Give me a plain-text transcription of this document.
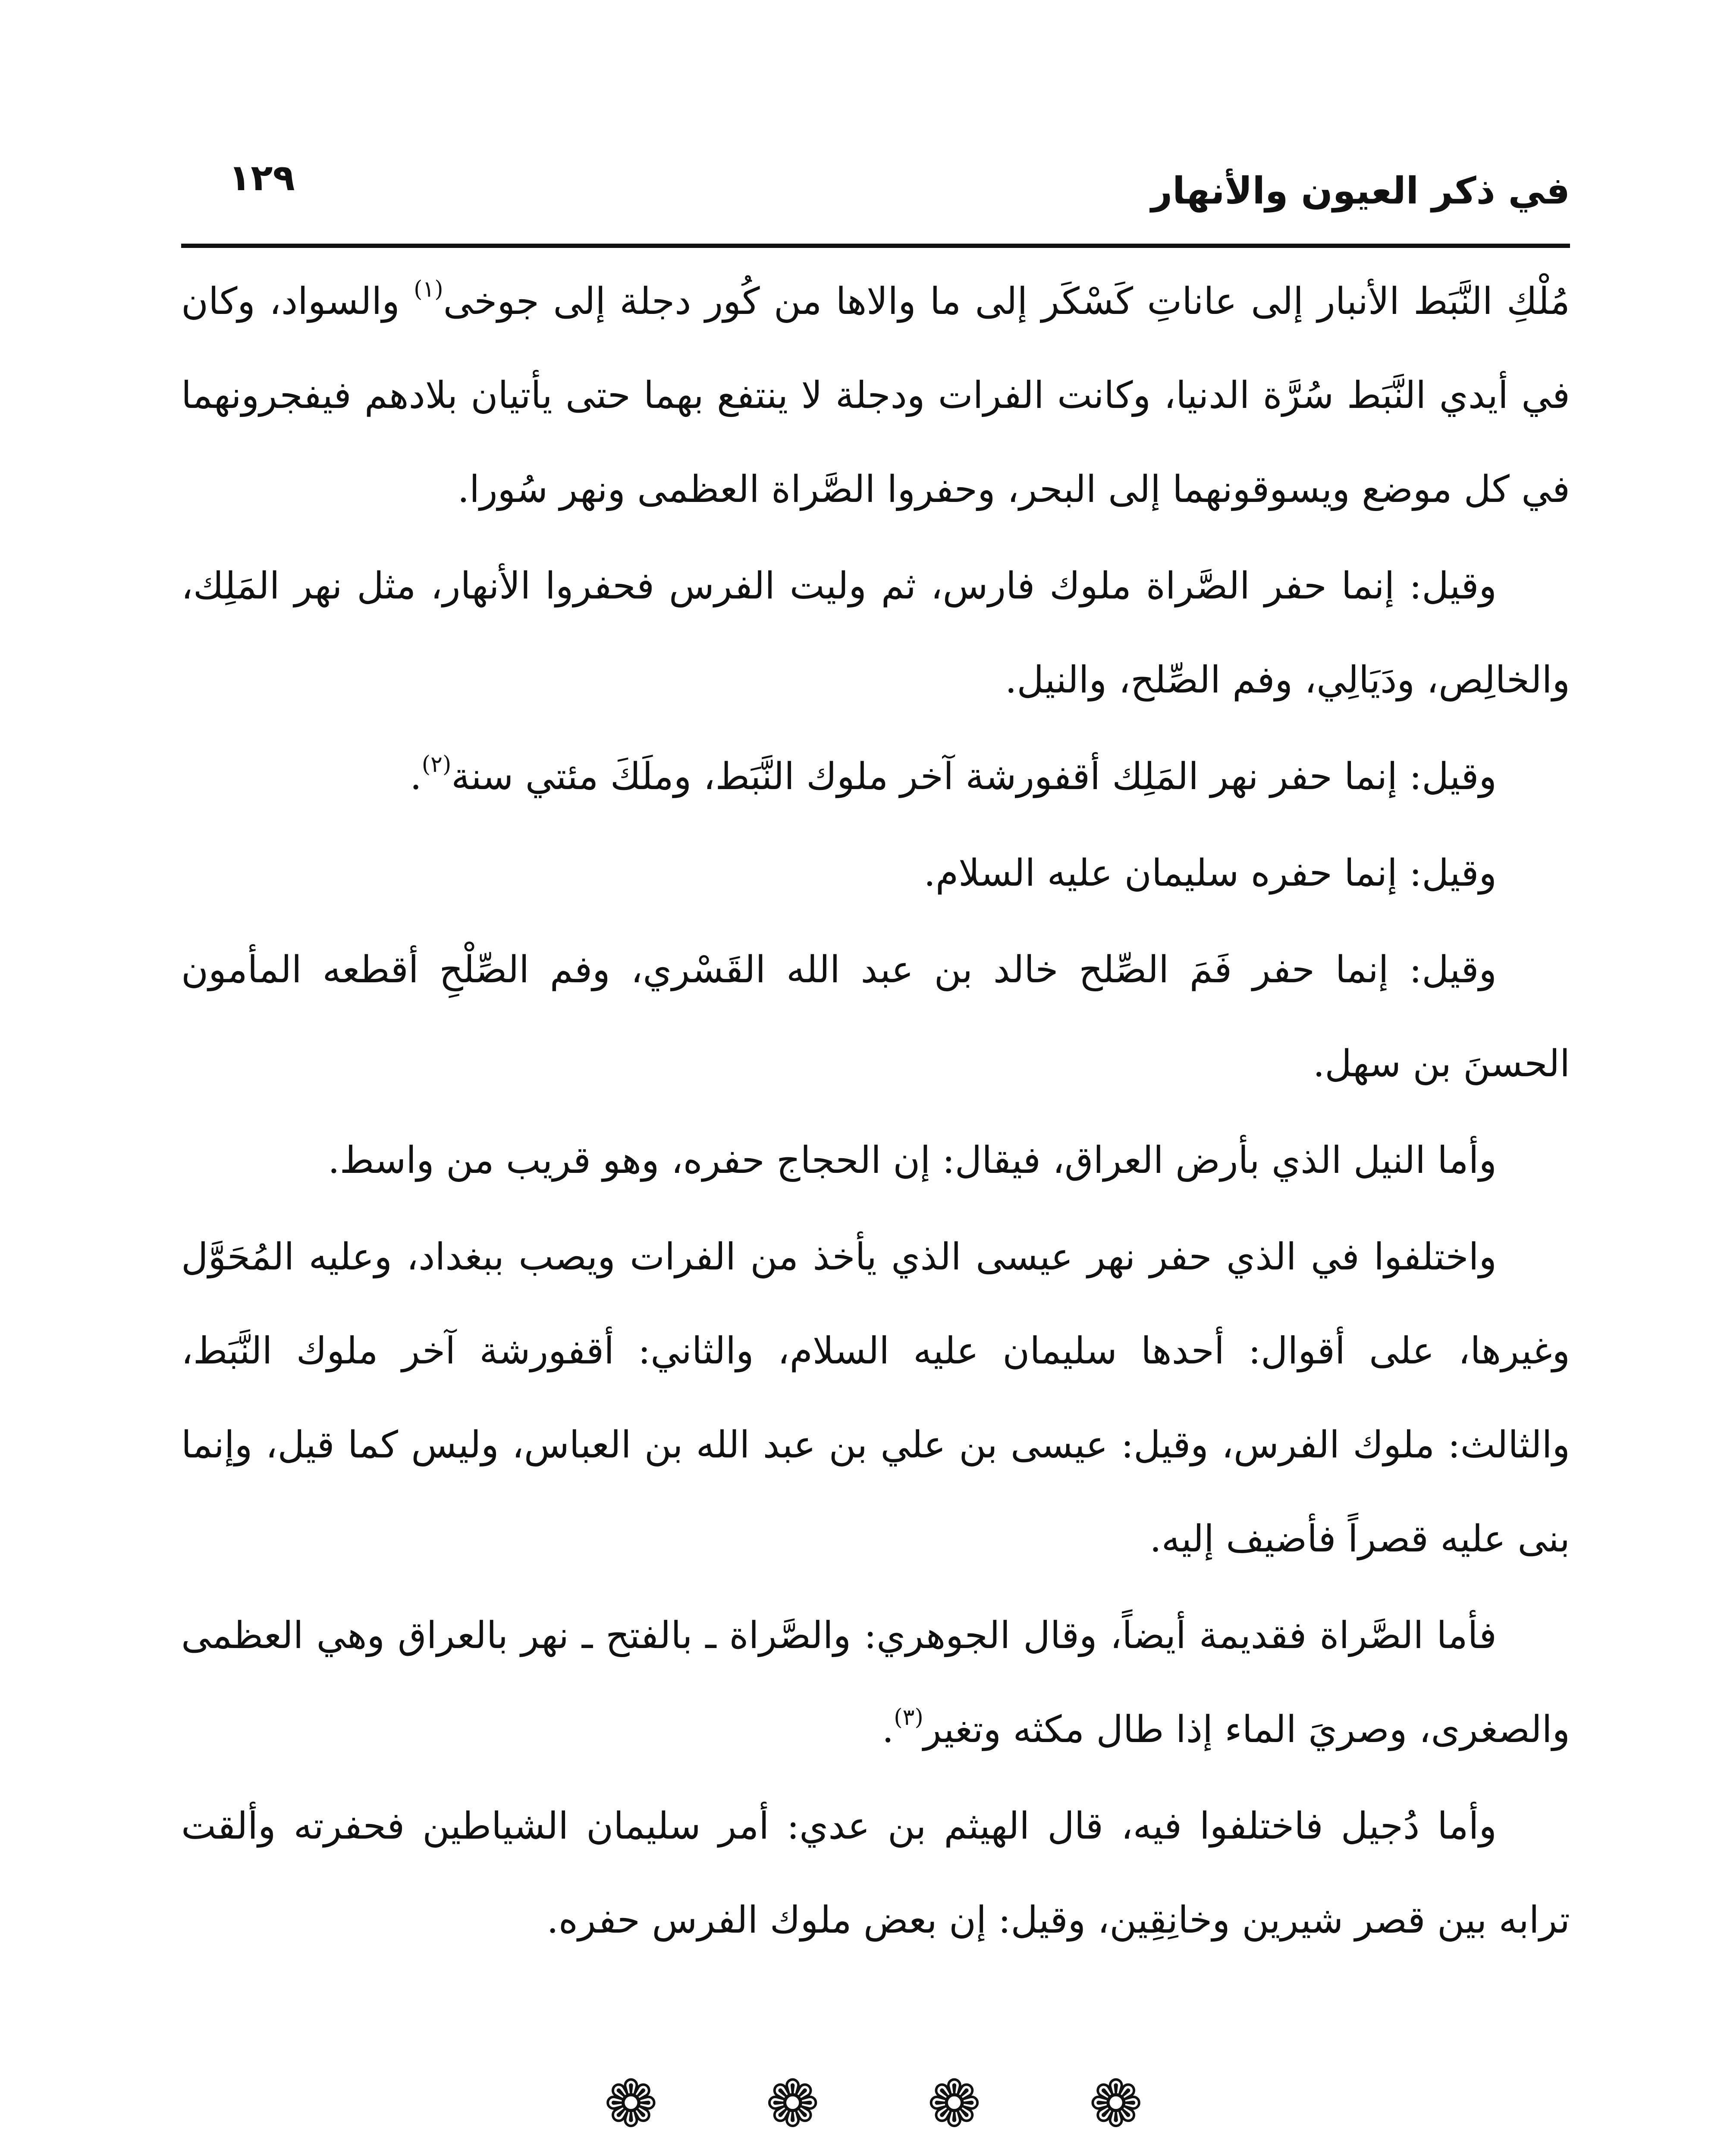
في ذكر العيون والأنهار
١٢٩

مُلْكِ النَّبَط الأنبار إلى عاناتِ كَسْكَر إلى ما والاها من كُور دجلة إلى جوخى$^{(١)}$ والسواد، وكان في أيدي النَّبَط سُرَّة الدنيا، وكانت الفرات ودجلة لا ينتفع بهما حتى يأتيان بلادهم فيفجرونهما في كل موضع ويسوقونهما إلى البحر، وحفروا الصَّراة العظمى ونهر سُورا.

وقيل: إنما حفر الصَّراة ملوك فارس، ثم وليت الفرس فحفروا الأنهار، مثل نهر المَلِك، والخالِص، ودَيَالِي، وفم الصِّلح، والنيل.

وقيل: إنما حفر نهر المَلِك أقفورشة آخر ملوك النَّبَط، وملَكَ مئتي سنة$^{(٢)}$.

وقيل: إنما حفره سليمان عليه السلام.

وقيل: إنما حفر فَمَ الصِّلح خالد بن عبد الله القَسْري، وفم الصِّلْحِ أقطعه المأمون الحسنَ بن سهل.

وأما النيل الذي بأرض العراق، فيقال: إن الحجاج حفره، وهو قريب من واسط.

واختلفوا في الذي حفر نهر عيسى الذي يأخذ من الفرات ويصب ببغداد، وعليه المُحَوَّل وغيرها، على أقوال: أحدها سليمان عليه السلام، والثاني: أقفورشة آخر ملوك النَّبَط، والثالث: ملوك الفرس، وقيل: عيسى بن علي بن عبد الله بن العباس، وليس كما قيل، وإنما بنى عليه قصراً فأضيف إليه.

فأما الصَّراة فقديمة أيضاً، وقال الجوهري: والصَّراة ـ بالفتح ـ نهر بالعراق وهي العظمى والصغرى، وصريَ الماء إذا طال مكثه وتغير$^{(٣)}$.

وأما دُجيل فاختلفوا فيه، قال الهيثم بن عدي: أمر سليمان الشياطين فحفرته وألقت ترابه بين قصر شيرين وخانِقِين، وقيل: إن بعض ملوك الفرس حفره.

❁
❁
❁
❁
